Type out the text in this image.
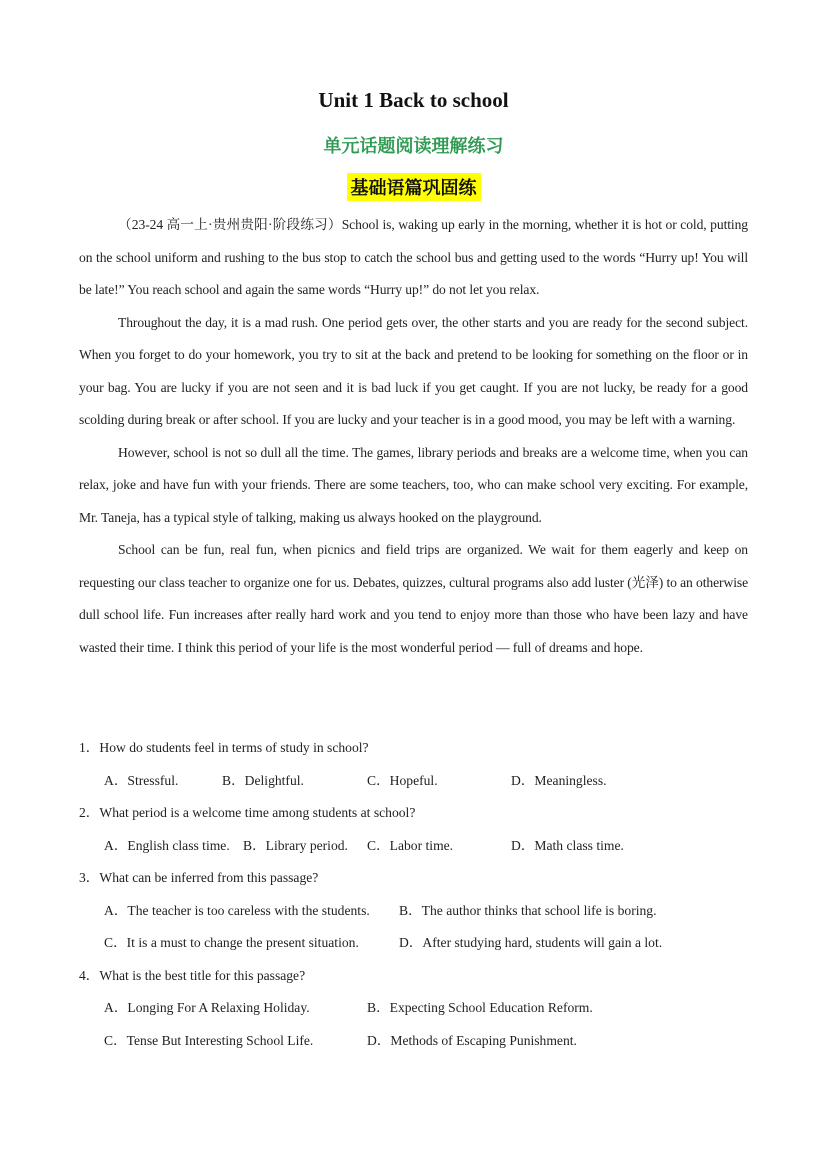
Unit 1 Back to school
单元话题阅读理解练习
基础语篇巩固练

（23-24 高一上·贵州贵阳·阶段练习）School is, waking up early in the morning, whether it is hot or cold, putting on the school uniform and rushing to the bus stop to catch the school bus and getting used to the words “Hurry up! You will be late!” You reach school and again the same words “Hurry up!” do not let you relax.

Throughout the day, it is a mad rush. One period gets over, the other starts and you are ready for the second subject. When you forget to do your homework, you try to sit at the back and pretend to be looking for something on the floor or in your bag. You are lucky if you are not seen and it is bad luck if you get caught. If you are not lucky, be ready for a good scolding during break or after school. If you are lucky and your teacher is in a good mood, you may be left with a warning.

However, school is not so dull all the time. The games, library periods and breaks are a welcome time, when you can relax, joke and have fun with your friends. There are some teachers, too, who can make school very exciting. For example, Mr. Taneja, has a typical style of talking, making us always hooked on the playground.

School can be fun, real fun, when picnics and field trips are organized. We wait for them eagerly and keep on requesting our class teacher to organize one for us. Debates, quizzes, cultural programs also add luster (光泽) to an otherwise dull school life. Fun increases after really hard work and you tend to enjoy more than those who have been lazy and have wasted their time. I think this period of your life is the most wonderful period — full of dreams and hope.

1．How do students feel in terms of study in school?
A．Stressful.	B．Delightful.	C．Hopeful.	D．Meaningless.
2．What period is a welcome time among students at school?
A．English class time. B．Library period. C．Labor time.	D．Math class time.
3．What can be inferred from this passage?
A．The teacher is too careless with the students. B．The author thinks that school life is boring.
C．It is a must to change the present situation.	D．After studying hard, students will gain a lot.
4．What is the best title for this passage?
A．Longing For A Relaxing Holiday.	B．Expecting School Education Reform.
C．Tense But Interesting School Life.	D．Methods of Escaping Punishment.
